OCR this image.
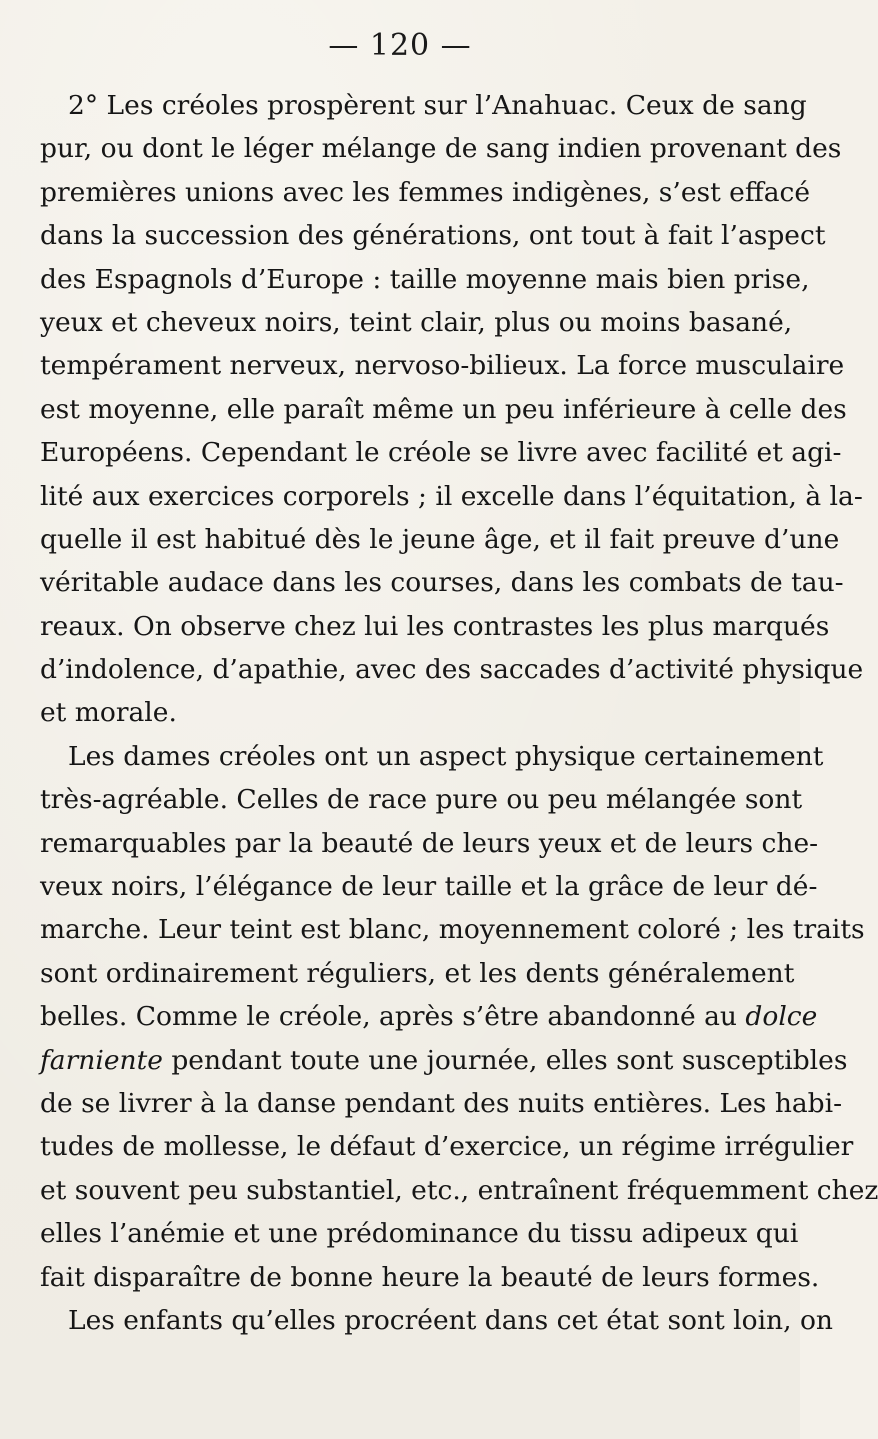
— 120 —
2° Les créoles prospèrent sur l’Anahuac. Ceux de sang
pur, ou dont le léger mélange de sang indien provenant des
premières unions avec les femmes indigènes, s’est effacé
dans la succession des générations, ont tout à fait l’aspect
des Espagnols d’Europe : taille moyenne mais bien prise,
yeux et cheveux noirs, teint clair, plus ou moins basané,
tempérament nerveux, nervoso-bilieux. La force musculaire
est moyenne, elle paraît même un peu inférieure à celle des
Européens. Cependant le créole se livre avec facilité et agi-
lité aux exercices corporels ; il excelle dans l’équitation, à la-
quelle il est habitué dès le jeune âge, et il fait preuve d’une
véritable audace dans les courses, dans les combats de tau-
reaux. On observe chez lui les contrastes les plus marqués
d’indolence, d’apathie, avec des saccades d’activité physique
et morale.
Les dames créoles ont un aspect physique certainement
très-agréable. Celles de race pure ou peu mélangée sont
remarquables par la beauté de leurs yeux et de leurs che-
veux noirs, l’élégance de leur taille et la grâce de leur dé-
marche. Leur teint est blanc, moyennement coloré ; les traits
sont ordinairement réguliers, et les dents généralement
belles. Comme le créole, après s’être abandonné au dolce
farniente pendant toute une journée, elles sont susceptibles
de se livrer à la danse pendant des nuits entières. Les habi-
tudes de mollesse, le défaut d’exercice, un régime irrégulier
et souvent peu substantiel, etc., entraînent fréquemment chez
elles l’anémie et une prédominance du tissu adipeux qui
fait disparaître de bonne heure la beauté de leurs formes.
Les enfants qu’elles procréent dans cet état sont loin, on
